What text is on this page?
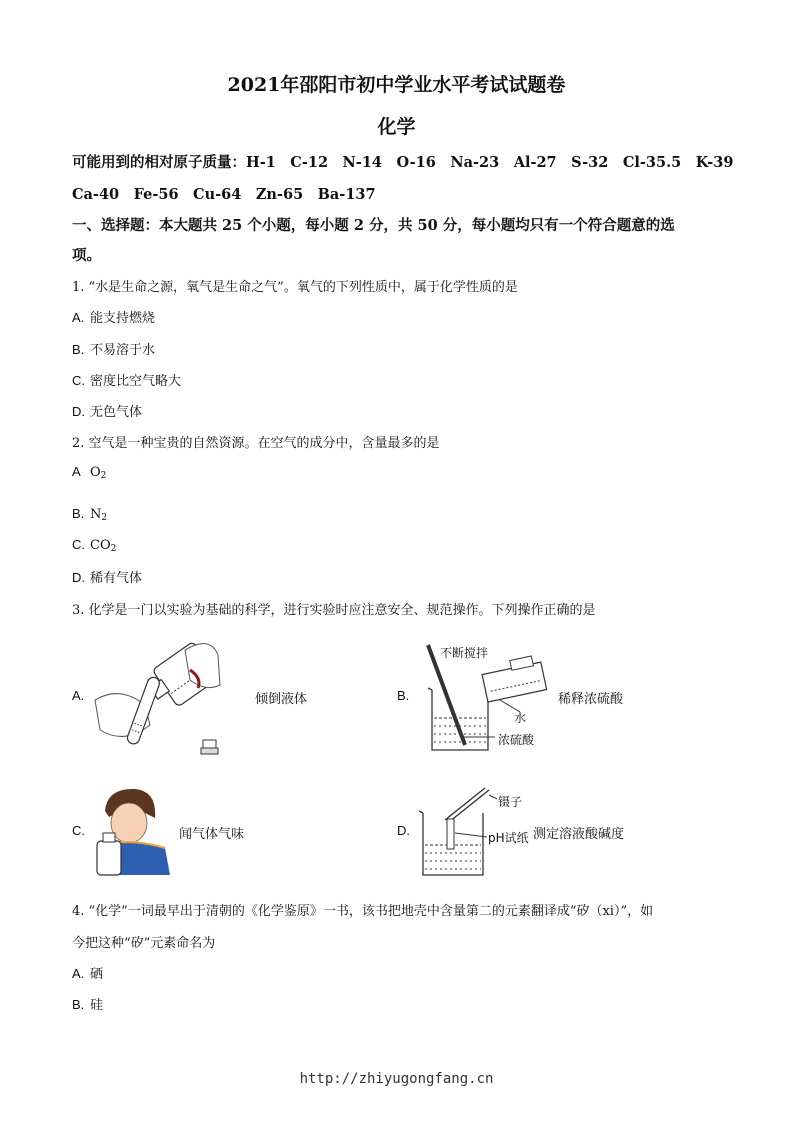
2021年邵阳市初中学业水平考试试题卷
化学
可能用到的相对原子质量：H-1　C-12　N-14　O-16　Na-23　Al-27　S-32　Cl-35.5　K-39
Ca-40　Fe-56　Cu-64　Zn-65　Ba-137
一、选择题：本大题共 25 个小题，每小题 2 分，共 50 分，每小题均只有一个符合题意的选
项。
1. “水是生命之源，氧气是生命之气”。氧气的下列性质中，属于化学性质的是
A. 能支持燃烧
B. 不易溶于水
C. 密度比空气略大
D. 无色气体
2. 空气是一种宝贵的自然资源。在空气的成分中，含量最多的是
A O2
B. N2
C. CO2
D. 稀有气体
3. 化学是一门以实验为基础的科学，进行实验时应注意安全、规范操作。下列操作正确的是
A.	倾倒液体	B.
不断搅拌
水
浓硫酸
稀释浓硫酸
C.	闻气体气味	D.
镊子
pH试纸 测定溶液酸碱度
4. “化学”一词最早出于清朝的《化学鉴原》一书，该书把地壳中含量第二的元素翻译成“矽（xi）”，如
今把这种“矽”元素命名为
A. 硒
B. 硅
http://zhiyugongfang.cn
